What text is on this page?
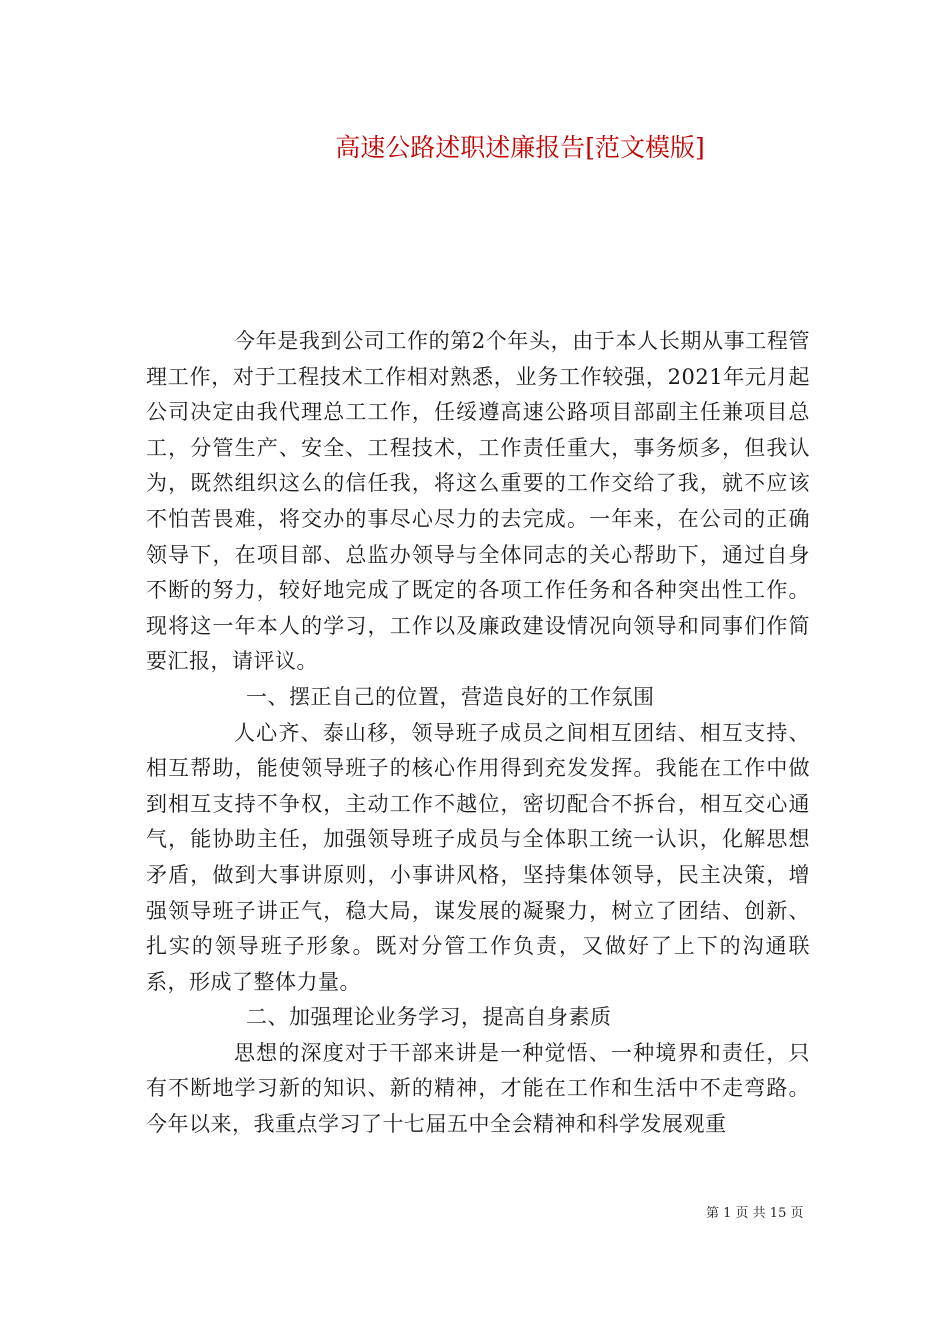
高速公路述职述廉报告[范文模版]

今年是我到公司工作的第2个年头，由于本人长期从事工程管理工作，对于工程技术工作相对熟悉，业务工作较强，2021年元月起公司决定由我代理总工工作，任绥遵高速公路项目部副主任兼项目总工，分管生产、安全、工程技术，工作责任重大，事务烦多，但我认为，既然组织这么的信任我，将这么重要的工作交给了我，就不应该不怕苦畏难，将交办的事尽心尽力的去完成。一年来，在公司的正确领导下，在项目部、总监办领导与全体同志的关心帮助下，通过自身不断的努力，较好地完成了既定的各项工作任务和各种突出性工作。现将这一年本人的学习，工作以及廉政建设情况向领导和同事们作简要汇报，请评议。

一、摆正自己的位置，营造良好的工作氛围

人心齐、泰山移，领导班子成员之间相互团结、相互支持、相互帮助，能使领导班子的核心作用得到充发发挥。我能在工作中做到相互支持不争权，主动工作不越位，密切配合不拆台，相互交心通气，能协助主任，加强领导班子成员与全体职工统一认识，化解思想矛盾，做到大事讲原则，小事讲风格，坚持集体领导，民主决策，增强领导班子讲正气，稳大局，谋发展的凝聚力，树立了团结、创新、扎实的领导班子形象。既对分管工作负责，又做好了上下的沟通联系，形成了整体力量。

二、加强理论业务学习，提高自身素质

思想的深度对于干部来讲是一种觉悟、一种境界和责任，只有不断地学习新的知识、新的精神，才能在工作和生活中不走弯路。今年以来，我重点学习了十七届五中全会精神和科学发展观重

第 1 页 共 15 页
